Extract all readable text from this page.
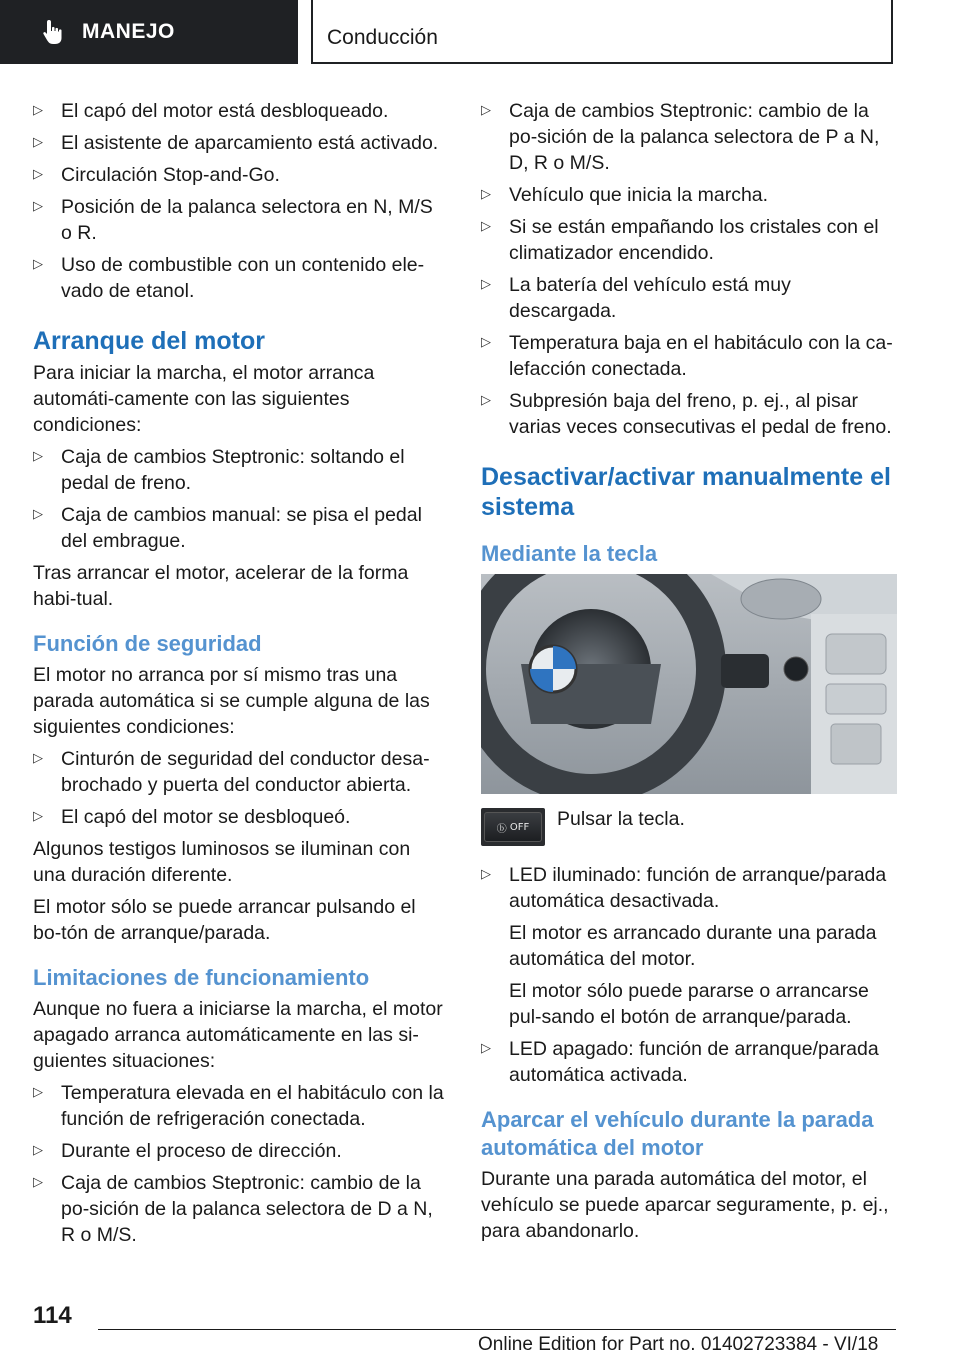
MANEJO	Conducción
▷ El capó del motor está desbloqueado.
▷ El asistente de aparcamiento está activado.
▷ Circulación Stop-and-Go.
▷ Posición de la palanca selectora en N, M/S o R.
▷ Uso de combustible con un contenido ele‐vado de etanol.
Arranque del motor
Para iniciar la marcha, el motor arranca automáti‐camente con las siguientes condiciones:
▷ Caja de cambios Steptronic: soltando el pedal de freno.
▷ Caja de cambios manual: se pisa el pedal del embrague.
Tras arrancar el motor, acelerar de la forma habi‐tual.
Función de seguridad
El motor no arranca por sí mismo tras una parada automática si se cumple alguna de las siguientes condiciones:
▷ Cinturón de seguridad del conductor desa‐brochado y puerta del conductor abierta.
▷ El capó del motor se desbloqueó.
Algunos testigos luminosos se iluminan con una duración diferente.
El motor sólo se puede arrancar pulsando el bo‐tón de arranque/parada.
Limitaciones de funcionamiento
Aunque no fuera a iniciarse la marcha, el motor apagado arranca automáticamente en las si‐guientes situaciones:
▷ Temperatura elevada en el habitáculo con la función de refrigeración conectada.
▷ Durante el proceso de dirección.
▷ Caja de cambios Steptronic: cambio de la po‐sición de la palanca selectora de D a N, R o M/S.
▷ Caja de cambios Steptronic: cambio de la po‐sición de la palanca selectora de P a N, D, R o M/S.
▷ Vehículo que inicia la marcha.
▷ Si se están empañando los cristales con el climatizador encendido.
▷ La batería del vehículo está muy descargada.
▷ Temperatura baja en el habitáculo con la ca‐lefacción conectada.
▷ Subpresión baja del freno, p. ej., al pisar varias veces consecutivas el pedal de freno.
Desactivar/activar manualmente el sistema
Mediante la tecla
ⓑ
OFF Pulsar la tecla.
▷ LED iluminado: función de arranque/parada automática desactivada.
El motor es arrancado durante una parada automática del motor.
El motor sólo puede pararse o arrancarse pul‐sando el botón de arranque/parada.
▷ LED apagado: función de arranque/parada automática activada.
Aparcar el vehículo durante la parada automática del motor
Durante una parada automática del motor, el vehículo se puede aparcar seguramente, p. ej., para abandonarlo.
114
Online Edition for Part no. 01402723384 - VI/18
